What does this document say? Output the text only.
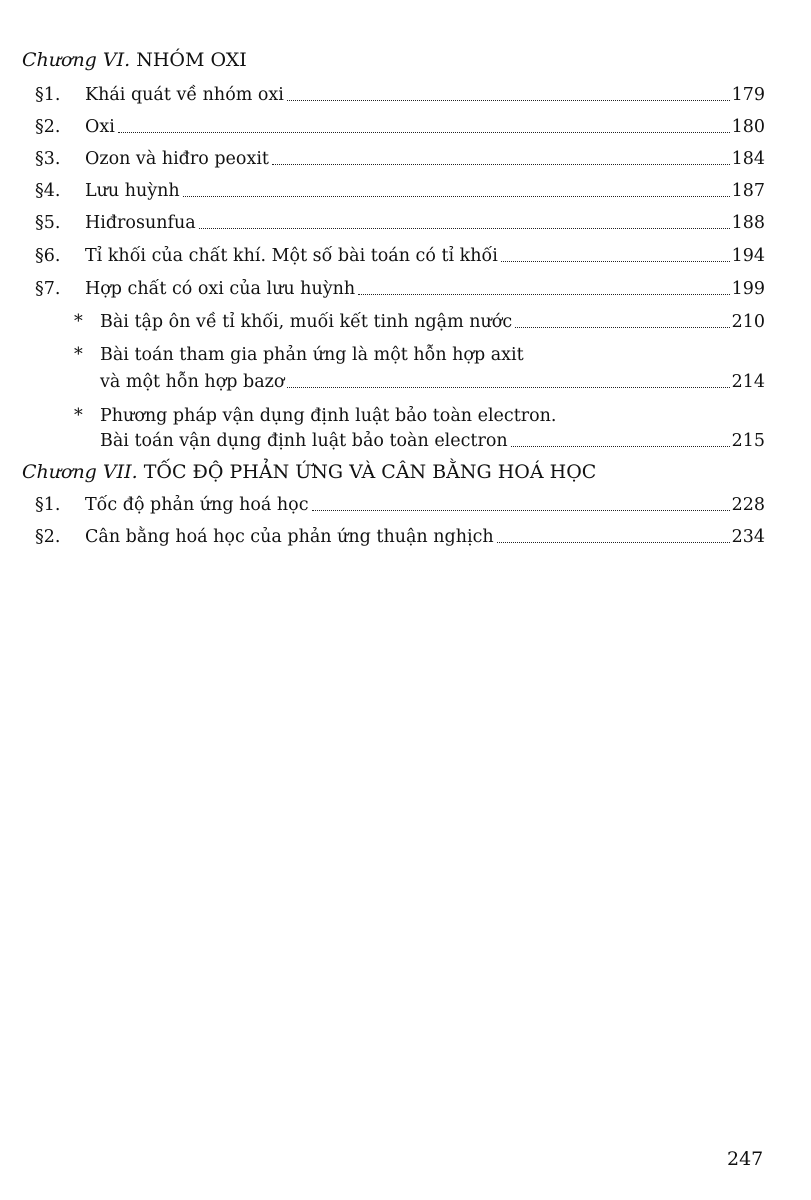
Chương VI. NHÓM OXI
§1.	Khái quát về nhóm oxi	179
§2.	Oxi	180
§3.	Ozon và hiđro peoxit	184
§4.	Lưu huỳnh	187
§5.	Hiđrosunfua	188
§6.	Tỉ khối của chất khí. Một số bài toán có tỉ khối	194
§7.	Hợp chất có oxi của lưu huỳnh	199
* Bài tập ôn về tỉ khối, muối kết tinh ngậm nước	210
* Bài toán tham gia phản ứng là một hỗn hợp axit
và một hỗn hợp bazơ	214
* Phương pháp vận dụng định luật bảo toàn electron.
Bài toán vận dụng định luật bảo toàn electron	215
Chương VII. TỐC ĐỘ PHẢN ỨNG VÀ CÂN BẰNG HOÁ HỌC
§1.	Tốc độ phản ứng hoá học	228
§2.	Cân bằng hoá học của phản ứng thuận nghịch	234
247
